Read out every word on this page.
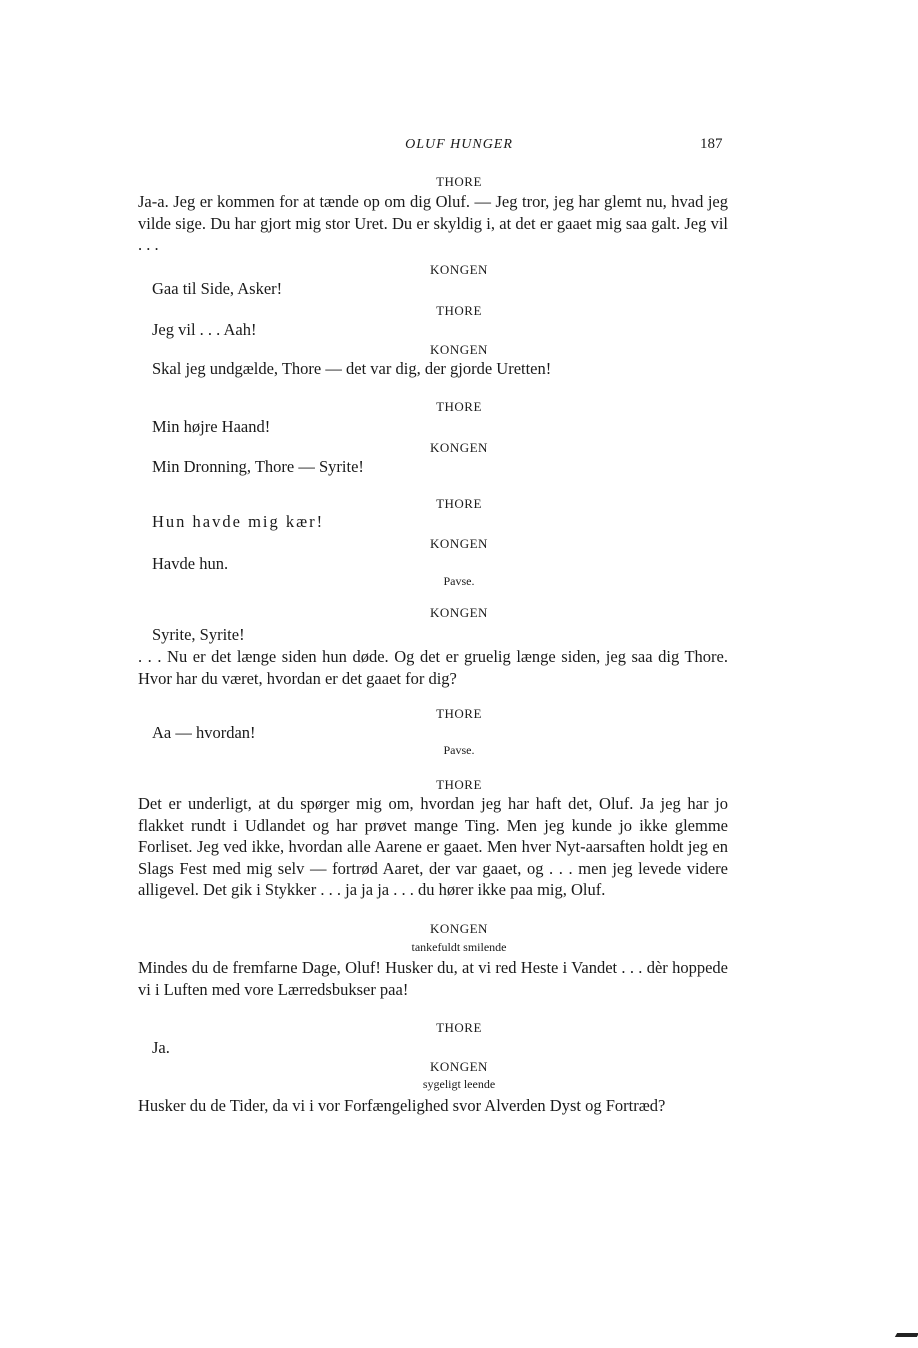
OLUF HUNGER	187
THORE
Ja-a. Jeg er kommen for at tænde op om dig Oluf. — Jeg tror, jeg har glemt nu, hvad jeg vilde sige. Du har gjort mig stor Uret. Du er skyldig i, at det er gaaet mig saa galt. Jeg vil . . .
KONGEN
Gaa til Side, Asker!
THORE
Jeg vil . . . Aah!
KONGEN
Skal jeg undgælde, Thore — det var dig, der gjorde Uretten!
THORE
Min højre Haand!
KONGEN
Min Dronning, Thore — Syrite!
THORE
Hun havde mig kær!
KONGEN
Havde hun.
Pavse.
KONGEN
Syrite, Syrite!
. . . Nu er det længe siden hun døde. Og det er gruelig længe siden, jeg saa dig Thore. Hvor har du været, hvordan er det gaaet for dig?
THORE
Aa — hvordan!
Pavse.
THORE
Det er underligt, at du spørger mig om, hvordan jeg har haft det, Oluf. Ja jeg har jo flakket rundt i Udlandet og har prøvet mange Ting. Men jeg kunde jo ikke glemme Forliset. Jeg ved ikke, hvordan alle Aarene er gaaet. Men hver Nyt-aarsaften holdt jeg en Slags Fest med mig selv — fortrød Aaret, der var gaaet, og . . . men jeg levede videre alligevel. Det gik i Stykker . . . ja ja ja . . . du hører ikke paa mig, Oluf.
KONGEN
tankefuldt smilende
Mindes du de fremfarne Dage, Oluf! Husker du, at vi red Heste i Vandet . . . dèr hoppede vi i Luften med vore Lærredsbukser paa!
THORE
Ja.
KONGEN
sygeligt leende
Husker du de Tider, da vi i vor Forfængelighed svor Alverden Dyst og Fortræd?
